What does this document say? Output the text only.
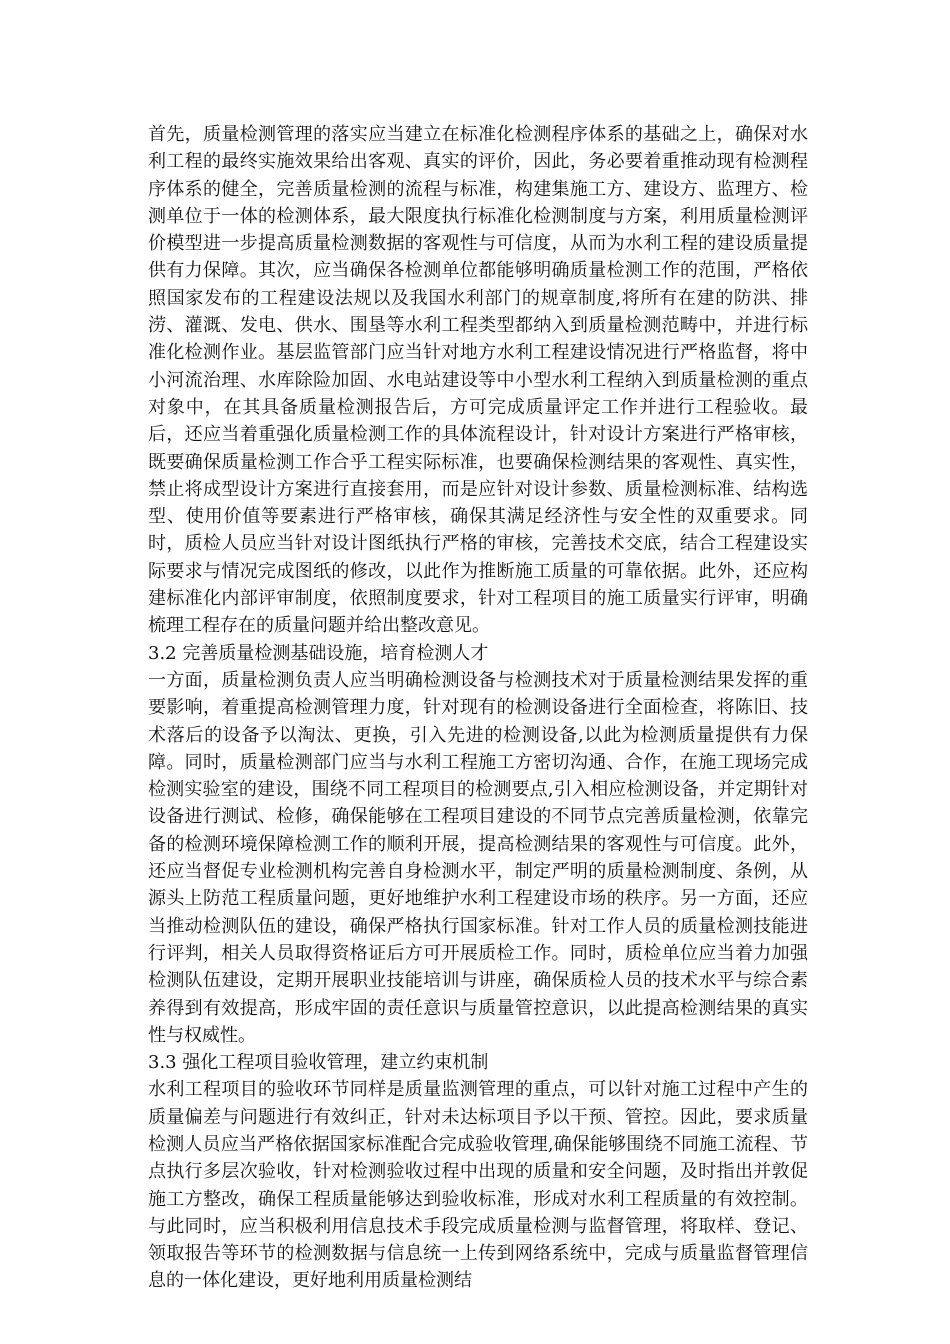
首先，质量检测管理的落实应当建立在标准化检测程序体系的基础之上，确保对水利工程的最终实施效果给出客观、真实的评价，因此，务必要着重推动现有检测程序体系的健全，完善质量检测的流程与标准，构建集施工方、建设方、监理方、检测单位于一体的检测体系，最大限度执行标准化检测制度与方案，利用质量检测评价模型进一步提高质量检测数据的客观性与可信度，从而为水利工程的建设质量提供有力保障。其次，应当确保各检测单位都能够明确质量检测工作的范围，严格依照国家发布的工程建设法规以及我国水利部门的规章制度,将所有在建的防洪、排涝、灌溉、发电、供水、围垦等水利工程类型都纳入到质量检测范畴中，并进行标准化检测作业。基层监管部门应当针对地方水利工程建设情况进行严格监督，将中小河流治理、水库除险加固、水电站建设等中小型水利工程纳入到质量检测的重点对象中，在其具备质量检测报告后，方可完成质量评定工作并进行工程验收。最后，还应当着重强化质量检测工作的具体流程设计，针对设计方案进行严格审核，既要确保质量检测工作合乎工程实际标准，也要确保检测结果的客观性、真实性，禁止将成型设计方案进行直接套用，而是应针对设计参数、质量检测标准、结构选型、使用价值等要素进行严格审核，确保其满足经济性与安全性的双重要求。同时，质检人员应当针对设计图纸执行严格的审核，完善技术交底，结合工程建设实际要求与情况完成图纸的修改，以此作为推断施工质量的可靠依据。此外，还应构建标准化内部评审制度，依照制度要求，针对工程项目的施工质量实行评审，明确梳理工程存在的质量问题并给出整改意见。

3.2 完善质量检测基础设施，培育检测人才

一方面，质量检测负责人应当明确检测设备与检测技术对于质量检测结果发挥的重要影响，着重提高检测管理力度，针对现有的检测设备进行全面检查，将陈旧、技术落后的设备予以淘汰、更换，引入先进的检测设备,以此为检测质量提供有力保障。同时，质量检测部门应当与水利工程施工方密切沟通、合作，在施工现场完成检测实验室的建设，围绕不同工程项目的检测要点,引入相应检测设备，并定期针对设备进行测试、检修，确保能够在工程项目建设的不同节点完善质量检测，依靠完备的检测环境保障检测工作的顺利开展，提高检测结果的客观性与可信度。此外，还应当督促专业检测机构完善自身检测水平，制定严明的质量检测制度、条例，从源头上防范工程质量问题，更好地维护水利工程建设市场的秩序。另一方面，还应当推动检测队伍的建设，确保严格执行国家标准。针对工作人员的质量检测技能进行评判，相关人员取得资格证后方可开展质检工作。同时，质检单位应当着力加强检测队伍建设，定期开展职业技能培训与讲座，确保质检人员的技术水平与综合素养得到有效提高，形成牢固的责任意识与质量管控意识，以此提高检测结果的真实性与权威性。

3.3 强化工程项目验收管理，建立约束机制

水利工程项目的验收环节同样是质量监测管理的重点，可以针对施工过程中产生的质量偏差与问题进行有效纠正，针对未达标项目予以干预、管控。因此，要求质量检测人员应当严格依据国家标准配合完成验收管理,确保能够围绕不同施工流程、节点执行多层次验收，针对检测验收过程中出现的质量和安全问题，及时指出并敦促施工方整改，确保工程质量能够达到验收标准，形成对水利工程质量的有效控制。与此同时，应当积极利用信息技术手段完成质量检测与监督管理，将取样、登记、领取报告等环节的检测数据与信息统一上传到网络系统中，完成与质量监督管理信息的一体化建设，更好地利用质量检测结
